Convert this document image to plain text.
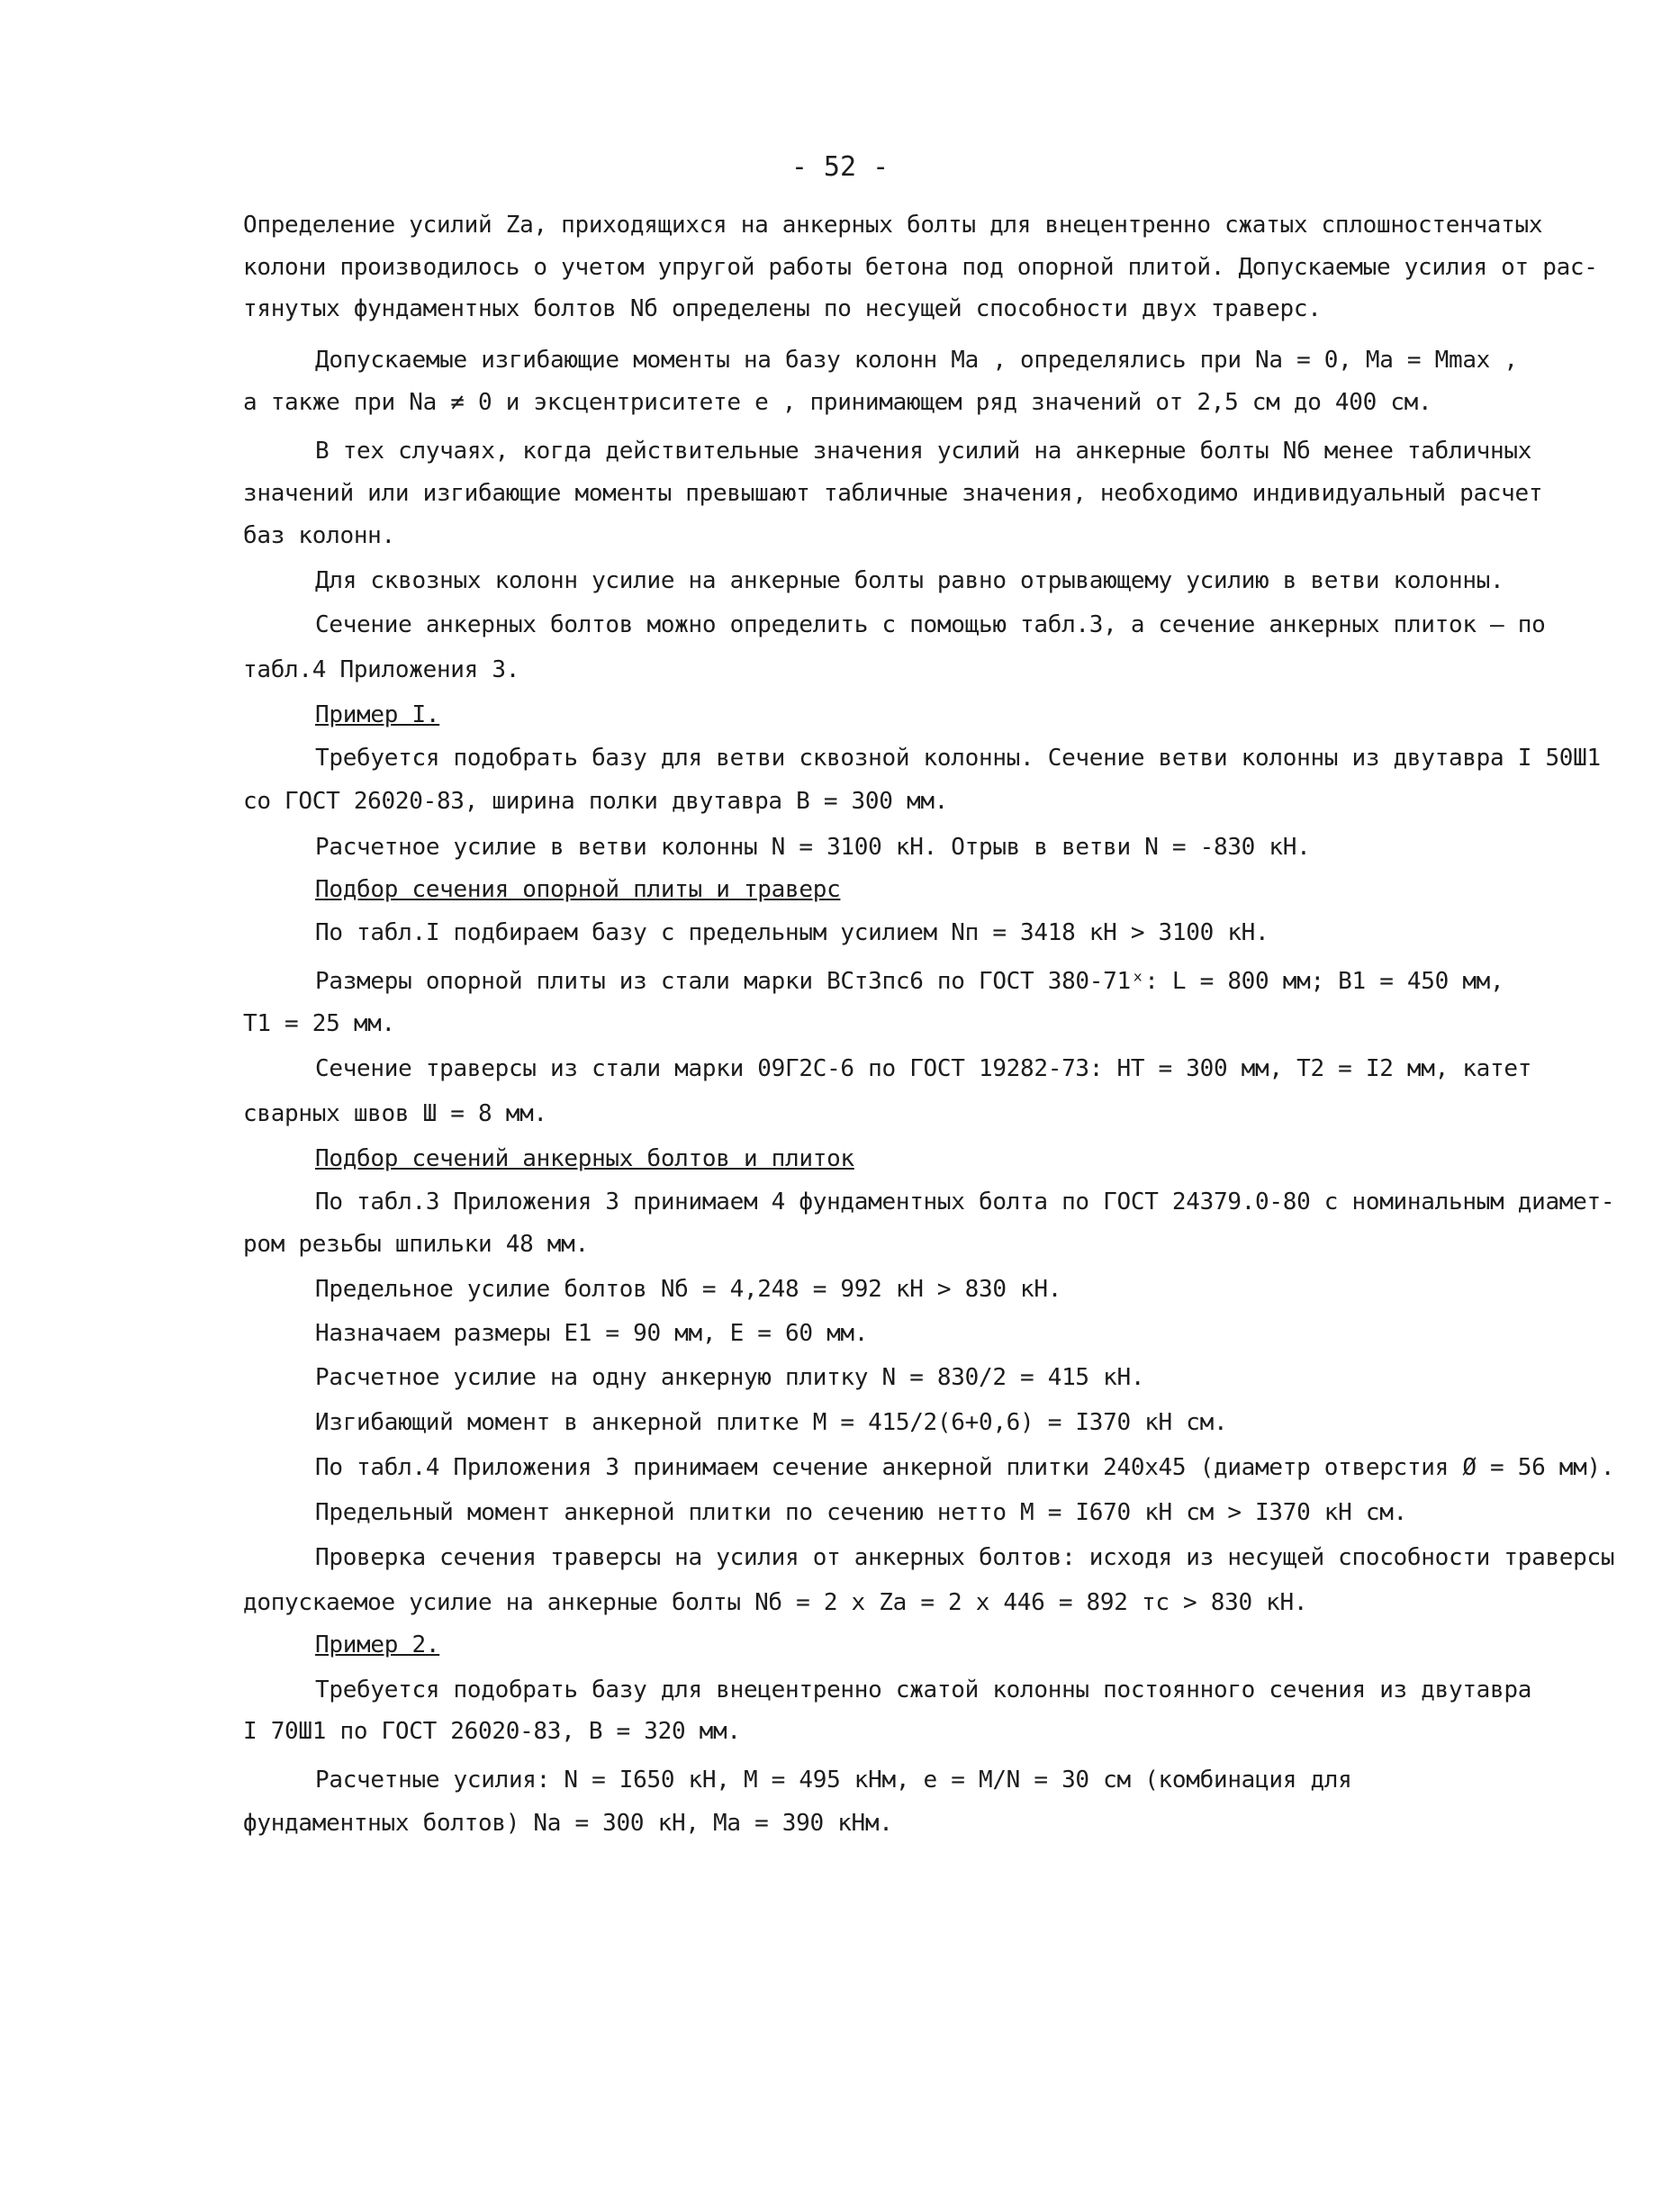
- 52 -
Определение усилий Za, приходящихся на анкерных болты для внецентренно сжатых сплошностенчатых
колони производилось о учетом упругой работы бетона под опорной плитой. Допускаемые усилия от рас-
тянутых фундаментных болтов Nб определены по несущей способности двух траверс.
Допускаемые изгибающие моменты на базу колонн Ma , определялись при Na = 0, Ma = Mmax ,
а также при Na ≠ 0 и эксцентриситете e , принимающем ряд значений от 2,5 см до 400 см.
В тех случаях, когда действительные значения усилий на анкерные болты Nб менее табличных
значений или изгибающие моменты превышают табличные значения, необходимо индивидуальный расчет
баз колонн.
Для сквозных колонн усилие на анкерные болты равно отрывающему усилию в ветви колонны.
Сечение анкерных болтов можно определить с помощью табл.3, а сечение анкерных плиток – по
табл.4 Приложения 3.
Пример I.
Требуется подобрать базу для ветви сквозной колонны. Сечение ветви колонны из двутавра I 50Ш1
со ГОСТ 26020-83, ширина полки двутавра B = 300 мм.
Расчетное усилие в ветви колонны N = 3100 кН. Отрыв в ветви N = -830 кН.
Подбор сечения опорной плиты и траверс
По табл.I подбираем базу с предельным усилием Nп = 3418 кН > 3100 кН.
Размеры опорной плиты из стали марки ВСт3пс6 по ГОСТ 380-71ˣ: L = 800 мм; B1 = 450 мм,
T1 = 25 мм.
Сечение траверсы из стали марки 09Г2С-6 по ГОСТ 19282-73: HT = 300 мм, T2 = I2 мм, катет
сварных швов Ш = 8 мм.
Подбор сечений анкерных болтов и плиток
По табл.3 Приложения 3 принимаем 4 фундаментных болта по ГОСТ 24379.0-80 с номинальным диамет-
ром резьбы шпильки 48 мм.
Предельное усилие болтов Nб = 4,248 = 992 кН > 830 кН.
Назначаем размеры E1 = 90 мм, E = 60 мм.
Расчетное усилие на одну анкерную плитку N = 830/2 = 415 кН.
Изгибающий момент в анкерной плитке M = 415/2(6+0,6) = I370 кН см.
По табл.4 Приложения 3 принимаем сечение анкерной плитки 240х45 (диаметр отверстия Ø = 56 мм).
Предельный момент анкерной плитки по сечению нетто M = I670 кН см > I370 кН см.
Проверка сечения траверсы на усилия от анкерных болтов: исходя из несущей способности траверсы
допускаемое усилие на анкерные болты Nб = 2 x Za = 2 x 446 = 892 тс > 830 кН.
Пример 2.
Требуется подобрать базу для внецентренно сжатой колонны постоянного сечения из двутавра
I 70Ш1 по ГОСТ 26020-83, B = 320 мм.
Расчетные усилия: N = I650 кН, M = 495 кНм, e = M/N = 30 см (комбинация для
фундаментных болтов) Na = 300 кН, Ma = 390 кНм.
